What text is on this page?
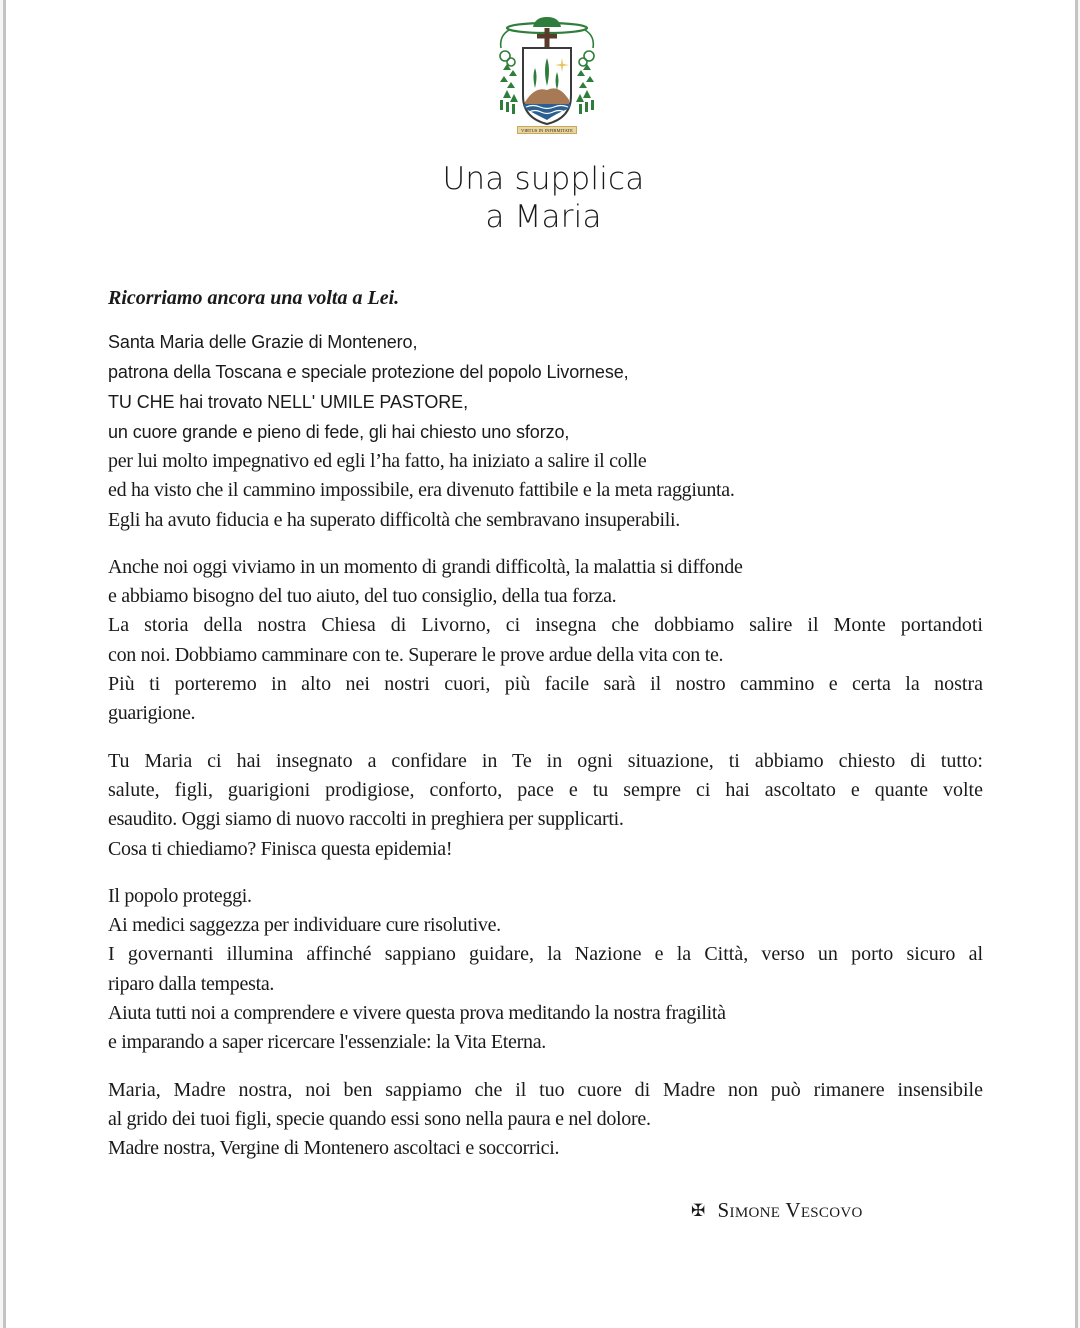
VIRTUS IN INFIRMITATE
Una supplica
a Maria
Ricorriamo ancora una volta a Lei.
Santa Maria delle Grazie di Montenero,
patrona della Toscana e speciale protezione del popolo Livornese,
TU CHE hai trovato NELL' UMILE PASTORE,
un cuore grande e pieno di fede, gli hai chiesto uno sforzo,
per lui molto impegnativo ed egli l’ha fatto, ha iniziato a salire il colle
ed ha visto che il cammino impossibile, era divenuto fattibile e la meta raggiunta.
Egli ha avuto fiducia e ha superato difficoltà che sembravano insuperabili.
Anche noi oggi viviamo in un momento di grandi difficoltà, la malattia si diffonde
e abbiamo bisogno del tuo aiuto, del tuo consiglio, della tua forza.
La storia della nostra Chiesa di Livorno, ci insegna che dobbiamo salire il Monte portandoti
con noi. Dobbiamo camminare con te. Superare le prove ardue della vita con te.
Più ti porteremo in alto nei nostri cuori, più facile sarà il nostro cammino e certa la nostra
guarigione.
Tu Maria ci hai insegnato a confidare in Te in ogni situazione, ti abbiamo chiesto di tutto:
salute, figli, guarigioni prodigiose, conforto, pace e tu sempre ci hai ascoltato e quante volte
esaudito. Oggi siamo di nuovo raccolti in preghiera per supplicarti.
Cosa ti chiediamo? Finisca questa epidemia!
Il popolo proteggi.
Ai medici saggezza per individuare cure risolutive.
I governanti illumina affinché sappiano guidare, la Nazione e la Città, verso un porto sicuro al
riparo dalla tempesta.
Aiuta tutti noi a comprendere e vivere questa prova meditando la nostra fragilità
e imparando a saper ricercare l'essenziale: la Vita Eterna.
Maria, Madre nostra, noi ben sappiamo che il tuo cuore di Madre non può rimanere insensibile
al grido dei tuoi figli, specie quando essi sono nella paura e nel dolore.
Madre nostra, Vergine di Montenero ascoltaci e soccorrici.
✠ Simone Vescovo
